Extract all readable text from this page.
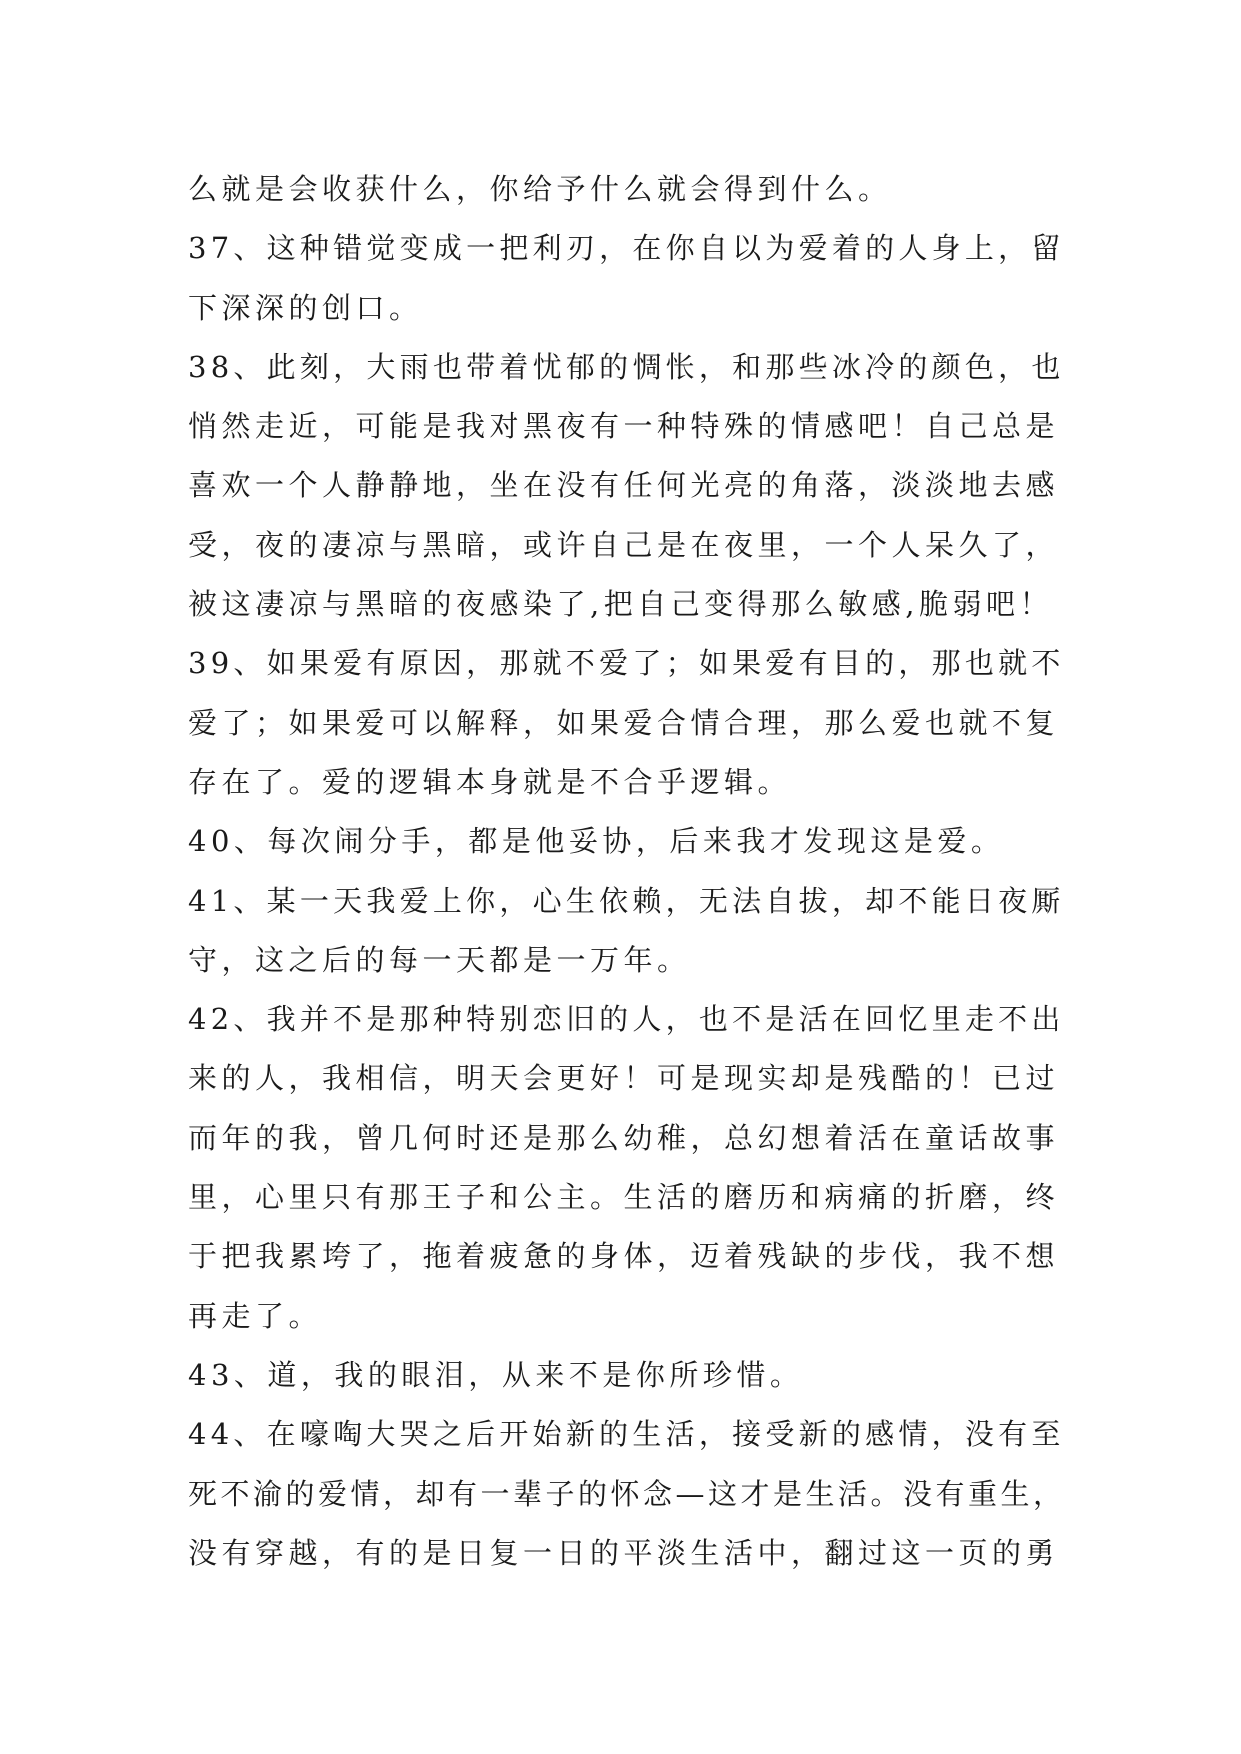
么就是会收获什么，你给予什么就会得到什么。
37、这种错觉变成一把利刃，在你自以为爱着的人身上，留
下深深的创口。
38、此刻，大雨也带着忧郁的惆怅，和那些冰冷的颜色，也
悄然走近，可能是我对黑夜有一种特殊的情感吧！自己总是
喜欢一个人静静地，坐在没有任何光亮的角落，淡淡地去感
受，夜的凄凉与黑暗，或许自己是在夜里，一个人呆久了，
被这凄凉与黑暗的夜感染了,把自己变得那么敏感,脆弱吧！
39、如果爱有原因，那就不爱了；如果爱有目的，那也就不
爱了；如果爱可以解释，如果爱合情合理，那么爱也就不复
存在了。爱的逻辑本身就是不合乎逻辑。
40、每次闹分手，都是他妥协，后来我才发现这是爱。
41、某一天我爱上你，心生依赖，无法自拔，却不能日夜厮
守，这之后的每一天都是一万年。
42、我并不是那种特别恋旧的人，也不是活在回忆里走不出
来的人，我相信，明天会更好！可是现实却是残酷的！已过
而年的我，曾几何时还是那么幼稚，总幻想着活在童话故事
里，心里只有那王子和公主。生活的磨历和病痛的折磨，终
于把我累垮了，拖着疲惫的身体，迈着残缺的步伐，我不想
再走了。
43、道，我的眼泪，从来不是你所珍惜。
44、在嚎啕大哭之后开始新的生活，接受新的感情，没有至
死不渝的爱情，却有一辈子的怀念—这才是生活。没有重生，
没有穿越，有的是日复一日的平淡生活中，翻过这一页的勇
